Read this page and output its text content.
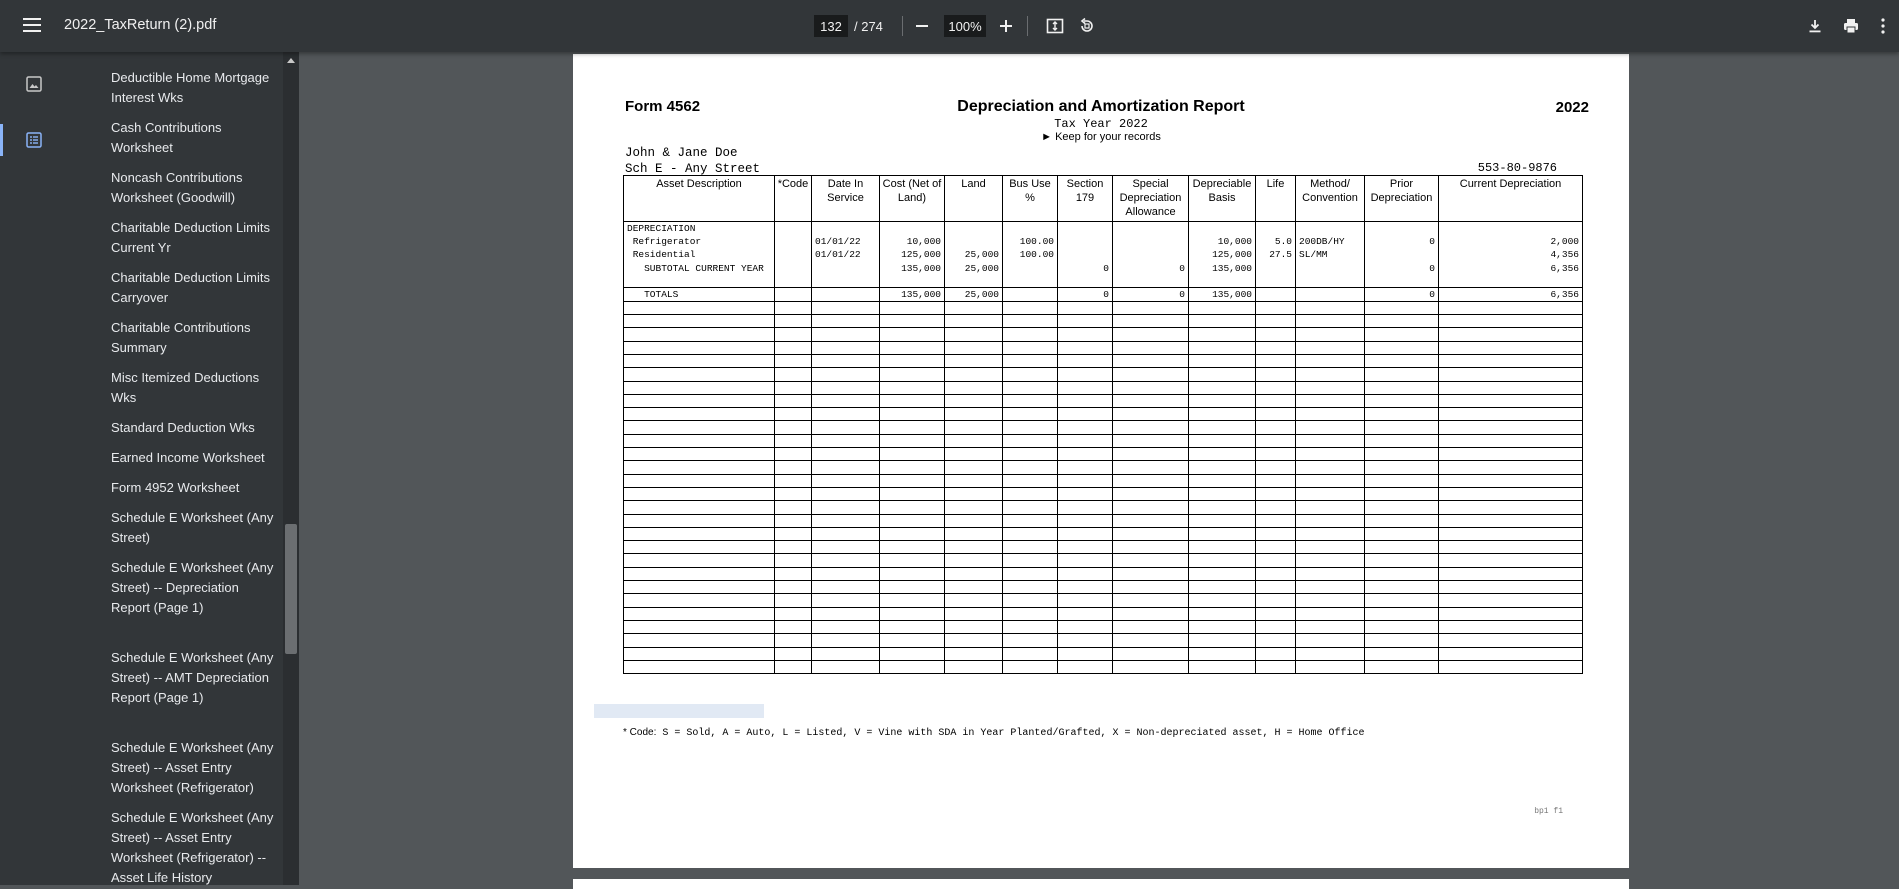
2022_TaxReturn (2).pdf
132	/ 274
100%
Deductible Home Mortgage Interest Wks
Cash Contributions Worksheet
Noncash Contributions Worksheet (Goodwill)
Charitable Deduction Limits Current Yr
Charitable Deduction Limits Carryover
Charitable Contributions Summary
Misc Itemized Deductions Wks
Standard Deduction Wks
Earned Income Worksheet
Form 4952 Worksheet
Schedule E Worksheet (Any Street)
Schedule E Worksheet (Any Street) -- Depreciation Report (Page 1)
Schedule E Worksheet (Any Street) -- AMT Depreciation Report (Page 1)
Schedule E Worksheet (Any Street) -- Asset Entry Worksheet (Refrigerator)
Schedule E Worksheet (Any Street) -- Asset Entry Worksheet (Refrigerator) -- Asset Life History
Form 4562	Depreciation and Amortization Report	2022
Tax Year 2022
► Keep for your records
John & Jane Doe
Sch E - Any Street	553-80-9876
Asset Description	*Code	Date In Service	Cost (Net of Land)	Land	Bus Use %	Section 179	Special Depreciation Allowance	Depreciable Basis	Life	Method/ Convention	Prior Depreciation	Current Depreciation
DEPRECIATION												
Refrigerator		01/01/22	10,000		100.00			10,000	5.0	200DB/HY	0	2,000
Residential		01/01/22	125,000	25,000	100.00			125,000	27.5	SL/MM		4,356
SUBTOTAL CURRENT YEAR			135,000	25,000		0	0	135,000			0	6,356

TOTALS			135,000	25,000		0	0	135,000			0	6,356

* Code: S = Sold, A = Auto, L = Listed, V = Vine with SDA in Year Planted/Grafted, X = Non-depreciated asset, H = Home Office
bp1 f1
